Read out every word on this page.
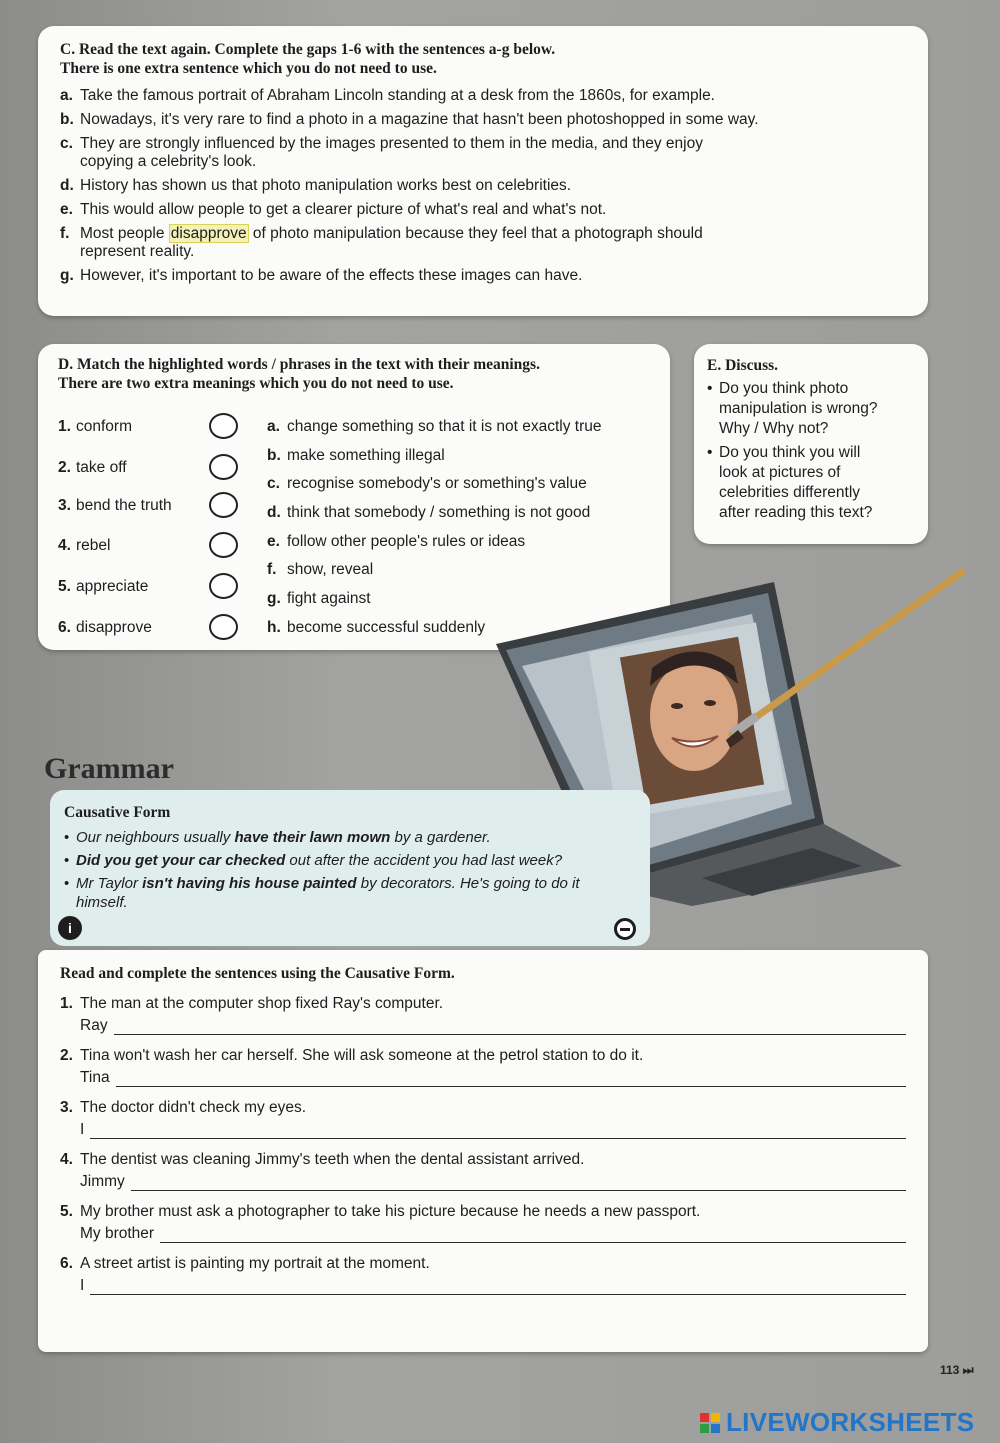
C. Read the text again. Complete the gaps 1-6 with the sentences a-g below.
There is one extra sentence which you do not need to use.
a. Take the famous portrait of Abraham Lincoln standing at a desk from the 1860s, for example.
b. Nowadays, it's very rare to find a photo in a magazine that hasn't been photoshopped in some way.
c. They are strongly influenced by the images presented to them in the media, and they enjoy
copying a celebrity's look.
d. History has shown us that photo manipulation works best on celebrities.
e. This would allow people to get a clearer picture of what's real and what's not.
f. Most people disapprove of photo manipulation because they feel that a photograph should
represent reality.
g. However, it's important to be aware of the effects these images can have.
D. Match the highlighted words / phrases in the text with their meanings.
There are two extra meanings which you do not need to use.
1. conform
2. take off
3. bend the truth
4. rebel
5. appreciate
6. disapprove
a. change something so that it is not exactly true
b. make something illegal
c. recognise somebody's or something's value
d. think that somebody / something is not good
e. follow other people's rules or ideas
f. show, reveal
g. fight against
h. become successful suddenly
E. Discuss.
• Do you think photo
manipulation is wrong?
Why / Why not?
• Do you think you will
look at pictures of
celebrities differently
after reading this text?
Grammar
Causative Form
• Our neighbours usually have their lawn mown by a gardener.
• Did you get your car checked out after the accident you had last week?
• Mr Taylor isn't having his house painted by decorators. He's going to do it
himself.
i
Read and complete the sentences using the Causative Form.
1. The man at the computer shop fixed Ray's computer.
Ray
2. Tina won't wash her car herself. She will ask someone at the petrol station to do it.
Tina
3. The doctor didn't check my eyes.
I
4. The dentist was cleaning Jimmy's teeth when the dental assistant arrived.
Jimmy
5. My brother must ask a photographer to take his picture because he needs a new passport.
My brother
6. A street artist is painting my portrait at the moment.
I
113 ⏭
LIVEWORKSHEETS
